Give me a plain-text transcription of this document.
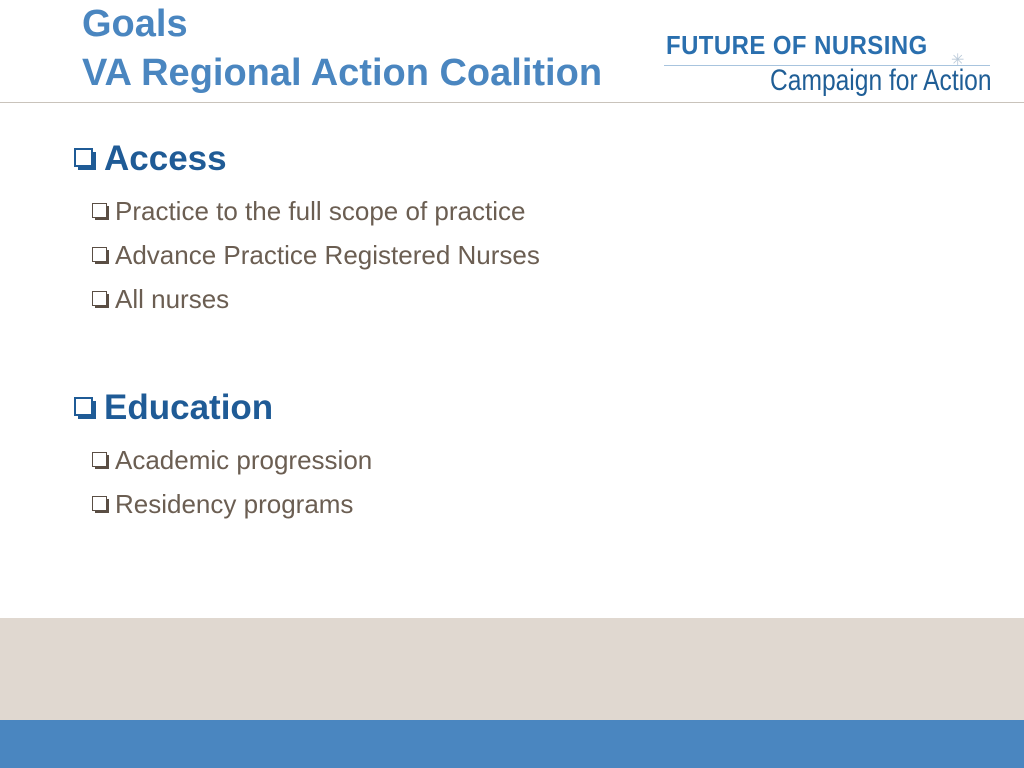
Goals
VA Regional Action Coalition
FUTURE OF NURSING
✳
Campaign for Action
Access
Practice to the full scope of practice
Advance Practice Registered Nurses
All nurses
Education
Academic progression
Residency programs
